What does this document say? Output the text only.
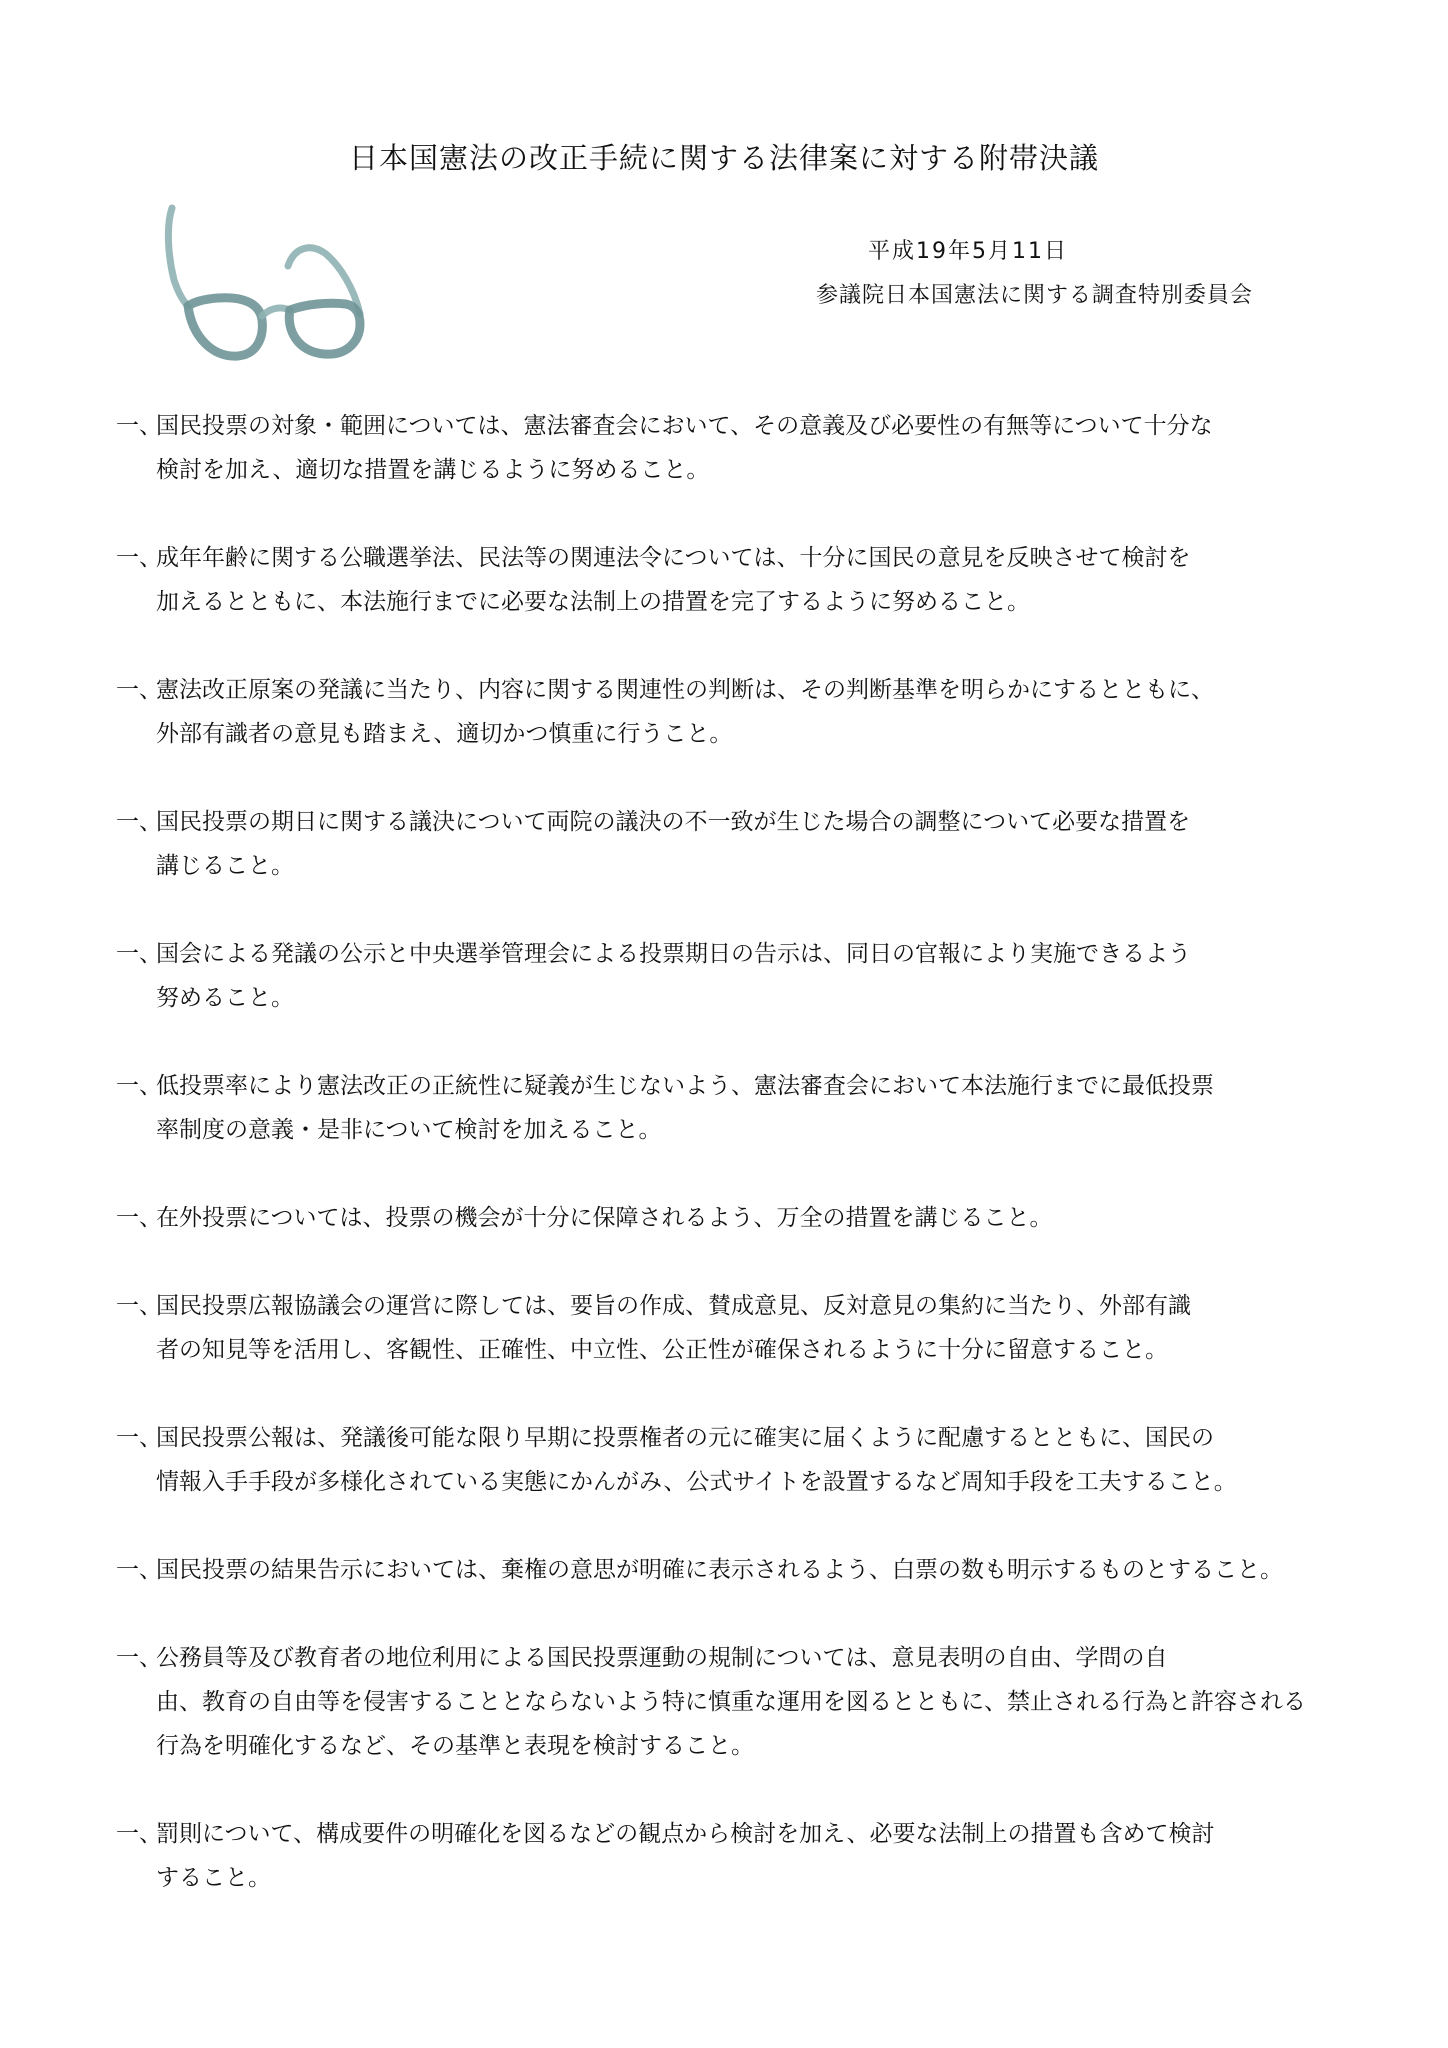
日本国憲法の改正手続に関する法律案に対する附帯決議
平成19年5月11日
参議院日本国憲法に関する調査特別委員会
一、
国民投票の対象・範囲については、憲法審査会において、その意義及び必要性の有無等について十分な
検討を加え、適切な措置を講じるように努めること。
一、
成年年齢に関する公職選挙法、民法等の関連法令については、十分に国民の意見を反映させて検討を
加えるとともに、本法施行までに必要な法制上の措置を完了するように努めること。
一、
憲法改正原案の発議に当たり、内容に関する関連性の判断は、その判断基準を明らかにするとともに、
外部有識者の意見も踏まえ、適切かつ慎重に行うこと。
一、
国民投票の期日に関する議決について両院の議決の不一致が生じた場合の調整について必要な措置を
講じること。
一、
国会による発議の公示と中央選挙管理会による投票期日の告示は、同日の官報により実施できるよう
努めること。
一、
低投票率により憲法改正の正統性に疑義が生じないよう、憲法審査会において本法施行までに最低投票
率制度の意義・是非について検討を加えること。
一、
在外投票については、投票の機会が十分に保障されるよう、万全の措置を講じること。
一、
国民投票広報協議会の運営に際しては、要旨の作成、賛成意見、反対意見の集約に当たり、外部有識
者の知見等を活用し、客観性、正確性、中立性、公正性が確保されるように十分に留意すること。
一、
国民投票公報は、発議後可能な限り早期に投票権者の元に確実に届くように配慮するとともに、国民の
情報入手手段が多様化されている実態にかんがみ、公式サイトを設置するなど周知手段を工夫すること。
一、
国民投票の結果告示においては、棄権の意思が明確に表示されるよう、白票の数も明示するものとすること。
一、
公務員等及び教育者の地位利用による国民投票運動の規制については、意見表明の自由、学問の自
由、教育の自由等を侵害することとならないよう特に慎重な運用を図るとともに、禁止される行為と許容される
行為を明確化するなど、その基準と表現を検討すること。
一、
罰則について、構成要件の明確化を図るなどの観点から検討を加え、必要な法制上の措置も含めて検討
すること。
